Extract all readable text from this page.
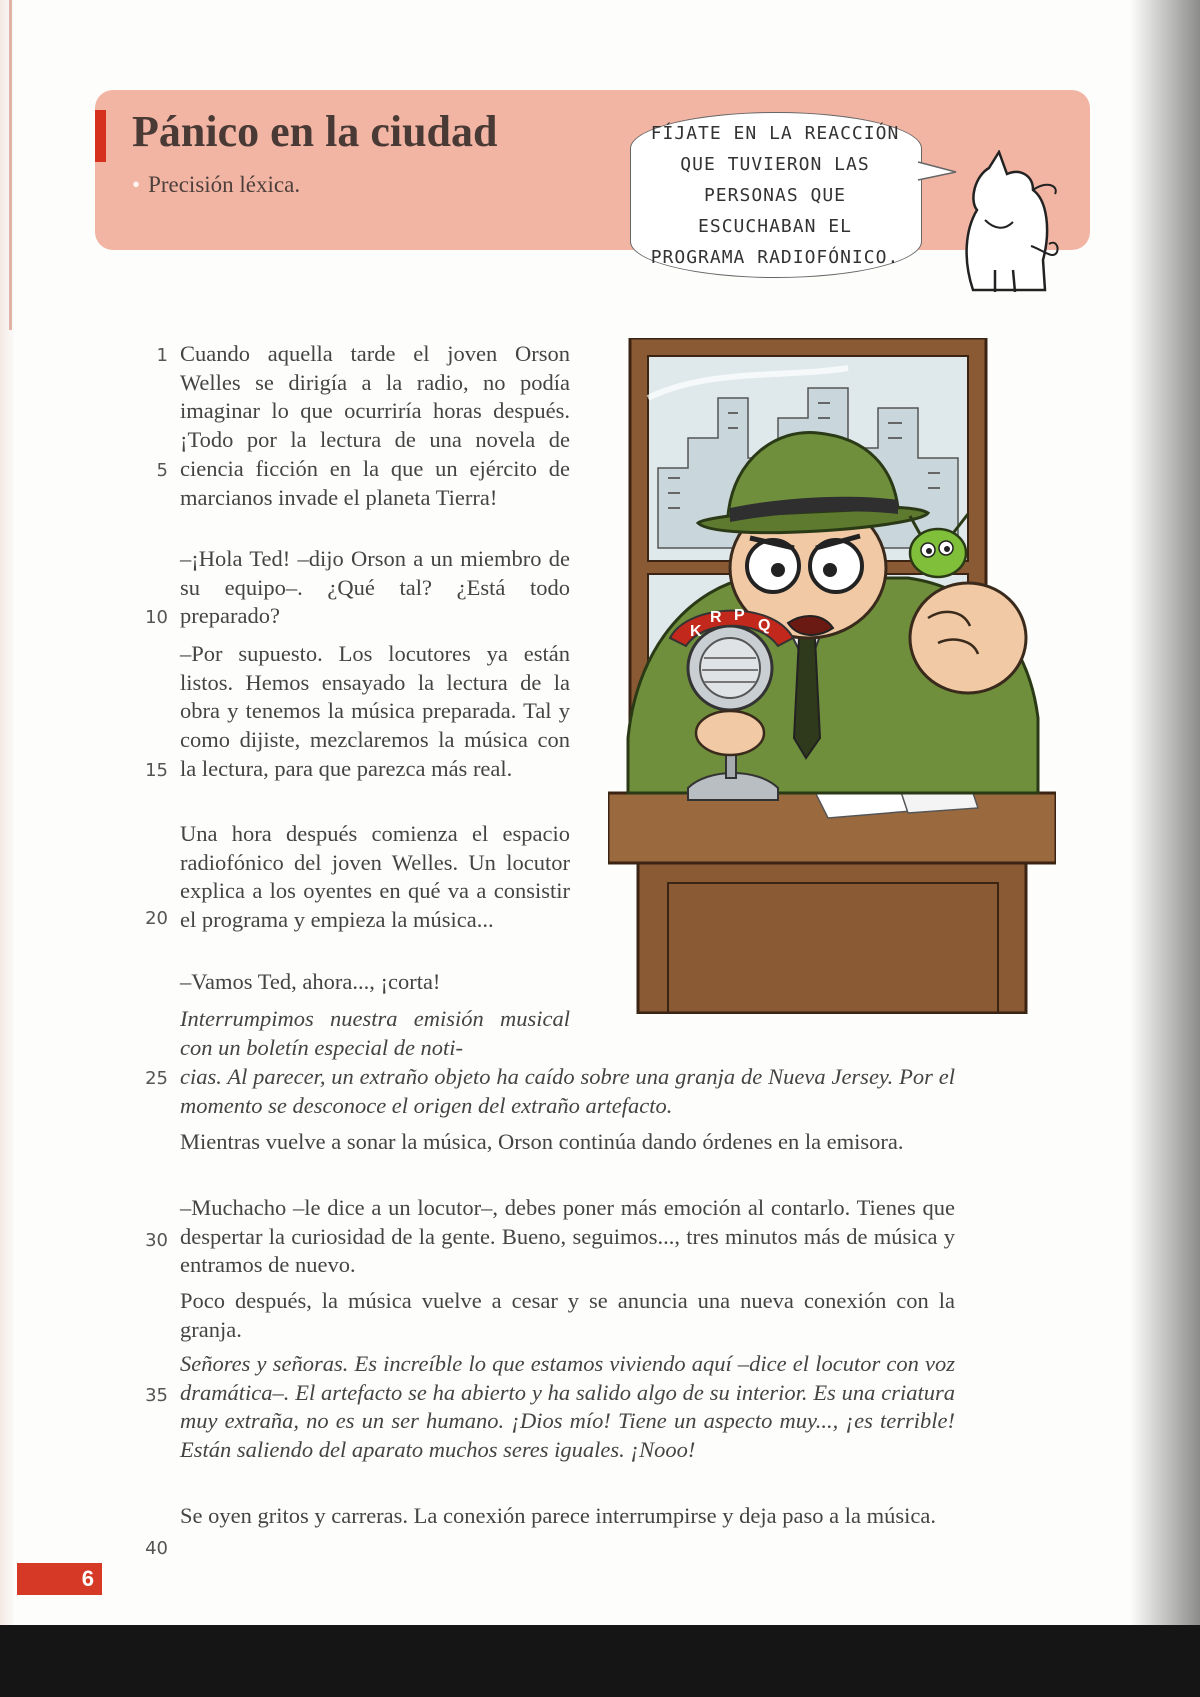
Pánico en la ciudad

• Precisión léxica.

FÍJATE EN LA REACCIÓN
QUE TUVIERON LAS
PERSONAS QUE
ESCUCHABAN EL
PROGRAMA RADIOFÓNICO.
K
R P
Q
1
5
10
15
20
25
30
35
40

Cuando aquella tarde el joven Orson Welles se dirigía a la radio, no podía imaginar lo que ocurriría horas después. ¡Todo por la lectura de una novela de ciencia ficción en la que un ejército de marcianos invade el planeta Tierra!

–¡Hola Ted! –dijo Orson a un miembro de su equipo–. ¿Qué tal? ¿Está todo preparado?

–Por supuesto. Los locutores ya están listos. Hemos ensayado la lectura de la obra y tenemos la música preparada. Tal y como dijiste, mezclaremos la música con la lectura, para que parezca más real.

Una hora después comienza el espacio radiofónico del joven Welles. Un locutor explica a los oyentes en qué va a consistir el programa y empieza la música...

–Vamos Ted, ahora..., ¡corta!

Interrumpimos nuestra emisión musical con un boletín especial de noti-

cias. Al parecer, un extraño objeto ha caído sobre una granja de Nueva Jersey. Por el momento se desconoce el origen del extraño artefacto.

Mientras vuelve a sonar la música, Orson continúa dando órdenes en la emisora.

–Muchacho –le dice a un locutor–, debes poner más emoción al contarlo. Tienes que despertar la curiosidad de la gente. Bueno, seguimos..., tres minutos más de música y entramos de nuevo.

Poco después, la música vuelve a cesar y se anuncia una nueva conexión con la granja.

Señores y señoras. Es increíble lo que estamos viviendo aquí –dice el locutor con voz dramática–. El artefacto se ha abierto y ha salido algo de su interior. Es una criatura muy extraña, no es un ser humano. ¡Dios mío! Tiene un aspecto muy..., ¡es terrible! Están saliendo del aparato muchos seres iguales. ¡Nooo!

Se oyen gritos y carreras. La conexión parece interrumpirse y deja paso a la música.

6
